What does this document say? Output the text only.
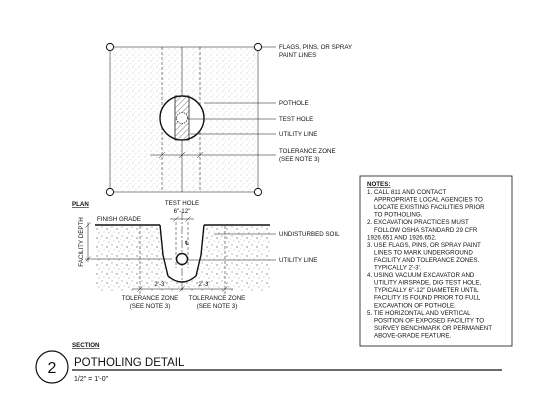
FLAGS, PINS, OR SPRAY
PAINT LINES
POTHOLE
TEST HOLE
UTILITY LINE
TOLERANCE ZONE
(SEE NOTE 3)
PLAN	TEST HOLE
6"-12"
FINISH GRADE
FACILITY DEPTH	UNDISTURBED SOIL
UTILITY LINE
℄
2'-3'	2'-3'
TOLERANCE ZONE
(SEE NOTE 3)
TOLERANCE ZONE
(SEE NOTE 3)
SECTION
NOTES:
1. CALL 811 AND CONTACT
APPROPRIATE LOCAL AGENCIES TO
LOCATE EXISTING FACILITIES PRIOR
TO POTHOLING.
2. EXCAVATION PRACTICES MUST
FOLLOW OSHA STANDARD 29 CFR
1926.651 AND 1926.652.
3. USE FLAGS, PINS, OR SPRAY PAINT
LINES TO MARK UNDERGROUND
FACILITY AND TOLERANCE ZONES.
TYPICALLY 2'-3'.
4. USING VACUUM EXCAVATOR AND
UTILITY AIRSPADE, DIG TEST HOLE,
TYPICALLY 6"-12" DIAMETER UNTIL
FACILITY IS FOUND PRIOR TO FULL
EXCAVATION OF POTHOLE.
5. TIE HORIZONTAL AND VERTICAL
POSITION OF EXPOSED FACILITY TO
SURVEY BENCHMARK OR PERMANENT
ABOVE-GRADE FEATURE.
2 POTHOLING DETAIL
1/2" = 1'-0"
